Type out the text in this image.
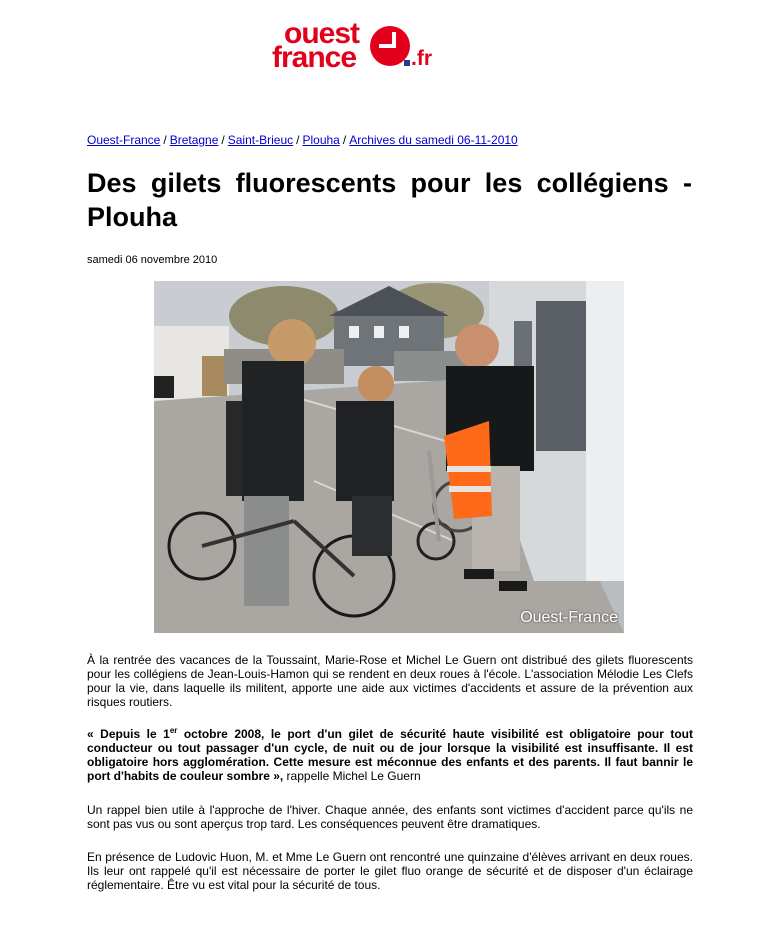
ouest
france	.fr
Ouest-France / Bretagne / Saint-Brieuc / Plouha / Archives du samedi 06-11-2010
Des gilets fluorescents pour les collégiens - Plouha
samedi 06 novembre 2010
Ouest-France

À la rentrée des vacances de la Toussaint, Marie-Rose et Michel Le Guern ont distribué des gilets fluorescents pour les collégiens de Jean-Louis-Hamon qui se rendent en deux roues à l'école. L'association Mélodie Les Clefs pour la vie, dans laquelle ils militent, apporte une aide aux victimes d'accidents et assure de la prévention aux risques routiers.

« Depuis le 1er octobre 2008, le port d'un gilet de sécurité haute visibilité est obligatoire pour tout conducteur ou tout passager d'un cycle, de nuit ou de jour lorsque la visibilité est insuffisante. Il est obligatoire hors agglomération. Cette mesure est méconnue des enfants et des parents. Il faut bannir le port d'habits de couleur sombre », rappelle Michel Le Guern

Un rappel bien utile à l'approche de l'hiver. Chaque année, des enfants sont victimes d'accident parce qu'ils ne sont pas vus ou sont aperçus trop tard. Les conséquences peuvent être dramatiques.

En présence de Ludovic Huon, M. et Mme Le Guern ont rencontré une quinzaine d'élèves arrivant en deux roues. Ils leur ont rappelé qu'il est nécessaire de porter le gilet fluo orange de sécurité et de disposer d'un éclairage réglementaire. Être vu est vital pour la sécurité de tous.
